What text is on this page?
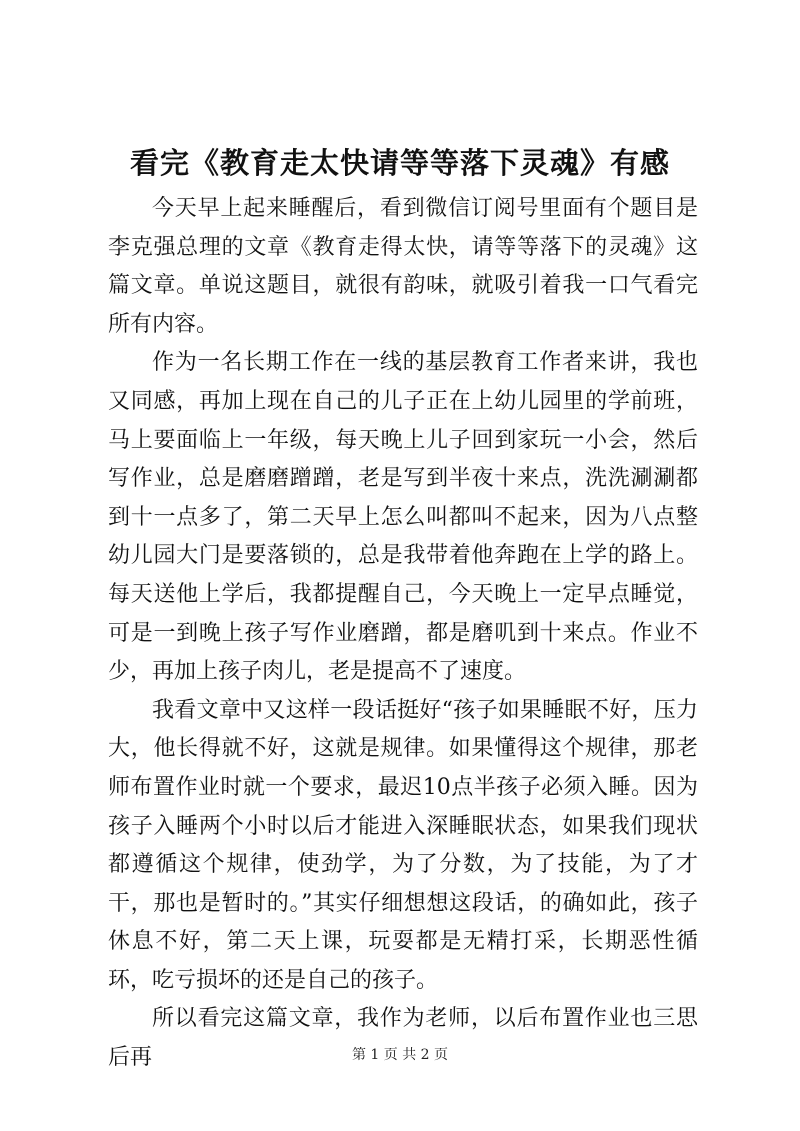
看完《教育走太快请等等落下灵魂》有感

今天早上起来睡醒后，看到微信订阅号里面有个题目是李克强总理的文章《教育走得太快，请等等落下的灵魂》这篇文章。单说这题目，就很有韵味，就吸引着我一口气看完所有内容。

作为一名长期工作在一线的基层教育工作者来讲，我也又同感，再加上现在自己的儿子正在上幼儿园里的学前班，马上要面临上一年级，每天晚上儿子回到家玩一小会，然后写作业，总是磨磨蹭蹭，老是写到半夜十来点，洗洗涮涮都到十一点多了，第二天早上怎么叫都叫不起来，因为八点整幼儿园大门是要落锁的，总是我带着他奔跑在上学的路上。每天送他上学后，我都提醒自己，今天晚上一定早点睡觉，可是一到晚上孩子写作业磨蹭，都是磨叽到十来点。作业不少，再加上孩子肉儿，老是提高不了速度。

我看文章中又这样一段话挺好“孩子如果睡眠不好，压力大，他长得就不好，这就是规律。如果懂得这个规律，那老师布置作业时就一个要求，最迟10点半孩子必须入睡。因为孩子入睡两个小时以后才能进入深睡眠状态，如果我们现状都遵循这个规律，使劲学，为了分数，为了技能，为了才干，那也是暂时的。”其实仔细想想这段话，的确如此，孩子休息不好，第二天上课，玩耍都是无精打采，长期恶性循环，吃亏损坏的还是自己的孩子。

所以看完这篇文章，我作为老师，以后布置作业也三思后再	第 1 页 共 2 页
